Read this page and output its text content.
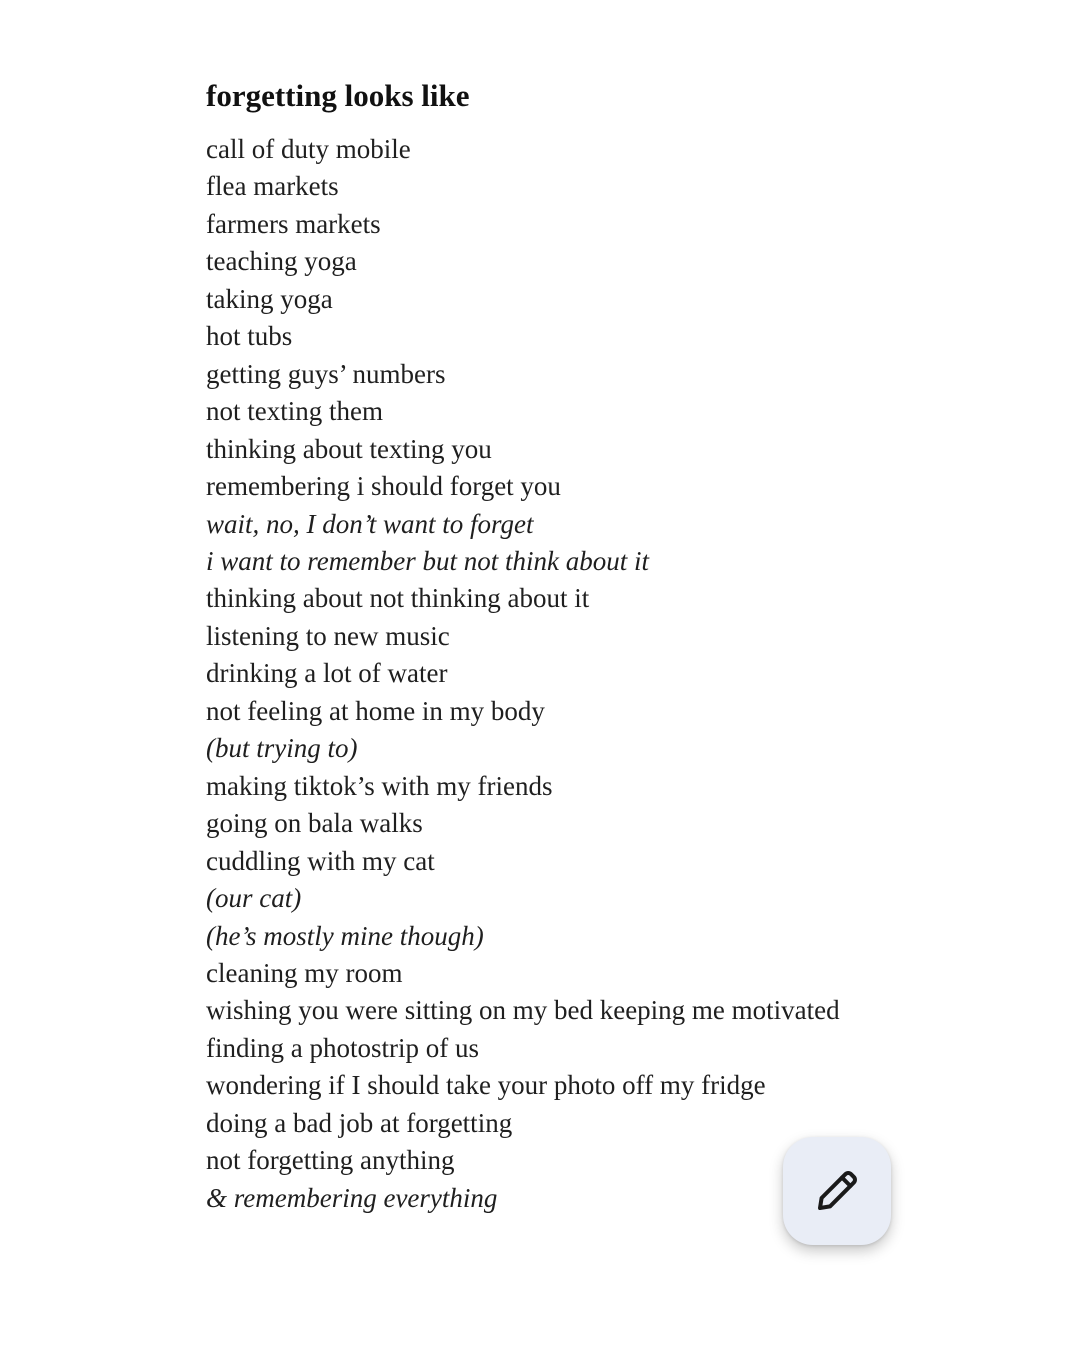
forgetting looks like
call of duty mobile
flea markets
farmers markets
teaching yoga
taking yoga
hot tubs
getting guys’ numbers
not texting them
thinking about texting you
remembering i should forget you
wait, no, I don’t want to forget
i want to remember but not think about it
thinking about not thinking about it
listening to new music
drinking a lot of water
not feeling at home in my body
(but trying to)
making tiktok’s with my friends
going on bala walks
cuddling with my cat
(our cat)
(he’s mostly mine though)
cleaning my room
wishing you were sitting on my bed keeping me motivated
finding a photostrip of us
wondering if I should take your photo off my fridge
doing a bad job at forgetting
not forgetting anything
& remembering everything
